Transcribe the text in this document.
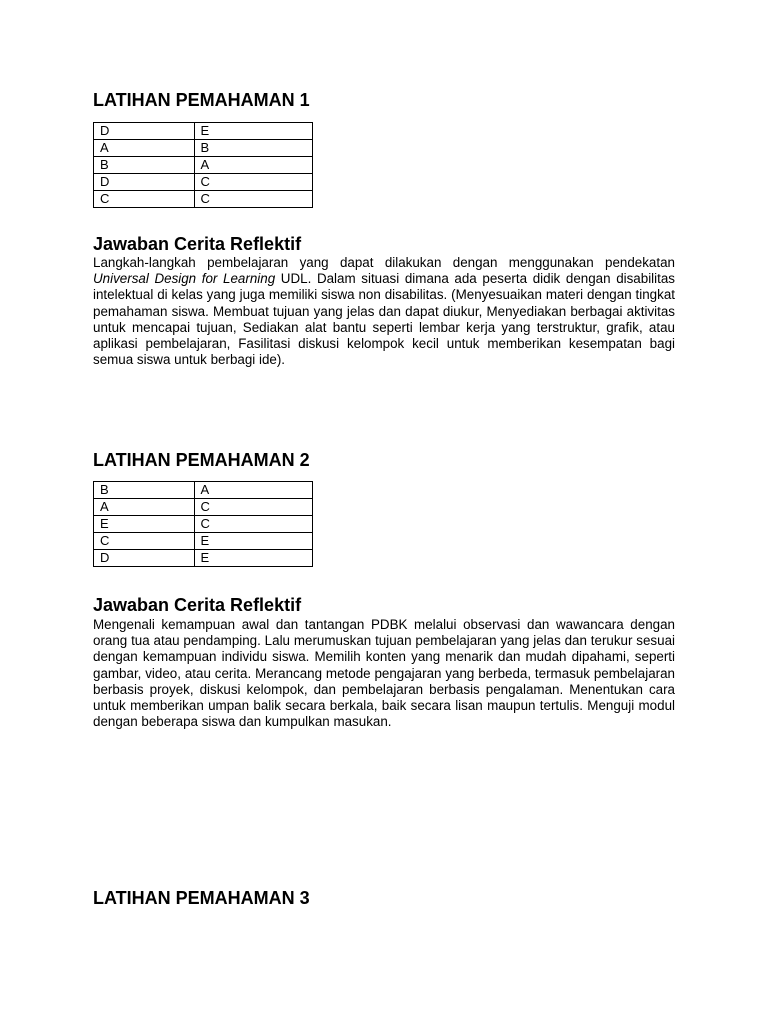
LATIHAN PEMAHAMAN 1
D	E
A	B
B	A
D	C
C	C
Jawaban Cerita Reflektif

Langkah-langkah pembelajaran yang dapat dilakukan dengan menggunakan pendekatan Universal Design for Learning UDL. Dalam situasi dimana ada peserta didik dengan disabilitas intelektual di kelas yang juga memiliki siswa non disabilitas. (Menyesuaikan materi dengan tingkat pemahaman siswa. Membuat tujuan yang jelas dan dapat diukur, Menyediakan berbagai aktivitas untuk mencapai tujuan, Sediakan alat bantu seperti lembar kerja yang terstruktur, grafik, atau aplikasi pembelajaran, Fasilitasi diskusi kelompok kecil untuk memberikan kesempatan bagi semua siswa untuk berbagi ide).

LATIHAN PEMAHAMAN 2
B	A
A	C
E	C
C	E
D	E
Jawaban Cerita Reflektif

Mengenali kemampuan awal dan tantangan PDBK melalui observasi dan wawancara dengan orang tua atau pendamping. Lalu merumuskan tujuan pembelajaran yang jelas dan terukur sesuai dengan kemampuan individu siswa. Memilih konten yang menarik dan mudah dipahami, seperti gambar, video, atau cerita. Merancang metode pengajaran yang berbeda, termasuk pembelajaran berbasis proyek, diskusi kelompok, dan pembelajaran berbasis pengalaman. Menentukan cara untuk memberikan umpan balik secara berkala, baik secara lisan maupun tertulis. Menguji modul dengan beberapa siswa dan kumpulkan masukan.

LATIHAN PEMAHAMAN 3
